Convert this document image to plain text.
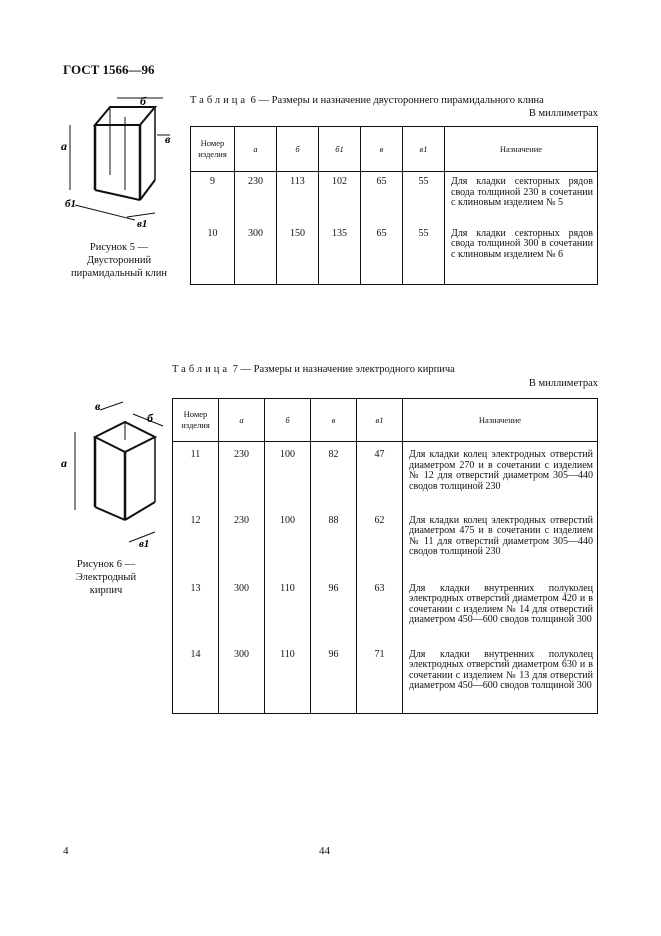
ГОСТ 1566—96
б
а	в
б1
в1
Рисунок 5 — Двусторонний пирамидальный клин
Таблица 6 — Размеры и назначение двустороннего пирамидального клина
В миллиметрах
Номер изделия	а	б	б1	в	в1	Назначение
9	230	113	102	65	55	Для кладки секторных рядов свода толщиной 230 в сочетании с клиновым изделием № 5
10	300	150	135	65	55	Для кладки секторных рядов свода толщиной 300 в сочетании с клиновым изделием № 6
Таблица 7 — Размеры и назначение электродного кирпича
В миллиметрах
в
б
а
в1
Рисунок 6 — Электродный кирпич
Номер изделия	а	б	в	в1	Назначение
11	230	100	82	47	Для кладки колец электродных отверстий диаметром 270 и в сочетании с изделием № 12 для отверстий диаметром 305—440 сводов толщиной 230
12	230	100	88	62	Для кладки колец электродных отверстий диаметром 475 и в сочетании с изделием № 11 для отверстий диаметром 305—440 сводов толщиной 230
13	300	110	96	63	Для кладки внутренних полуколец электродных отверстий диаметром 420 и в сочетании с изделием № 14 для отверстий диаметром 450—600 сводов толщиной 300
14	300	110	96	71	Для кладки внутренних полуколец электродных отверстий диаметром 630 и в сочетании с изделием № 13 для отверстий диаметром 450—600 сводов толщиной 300
4	44
